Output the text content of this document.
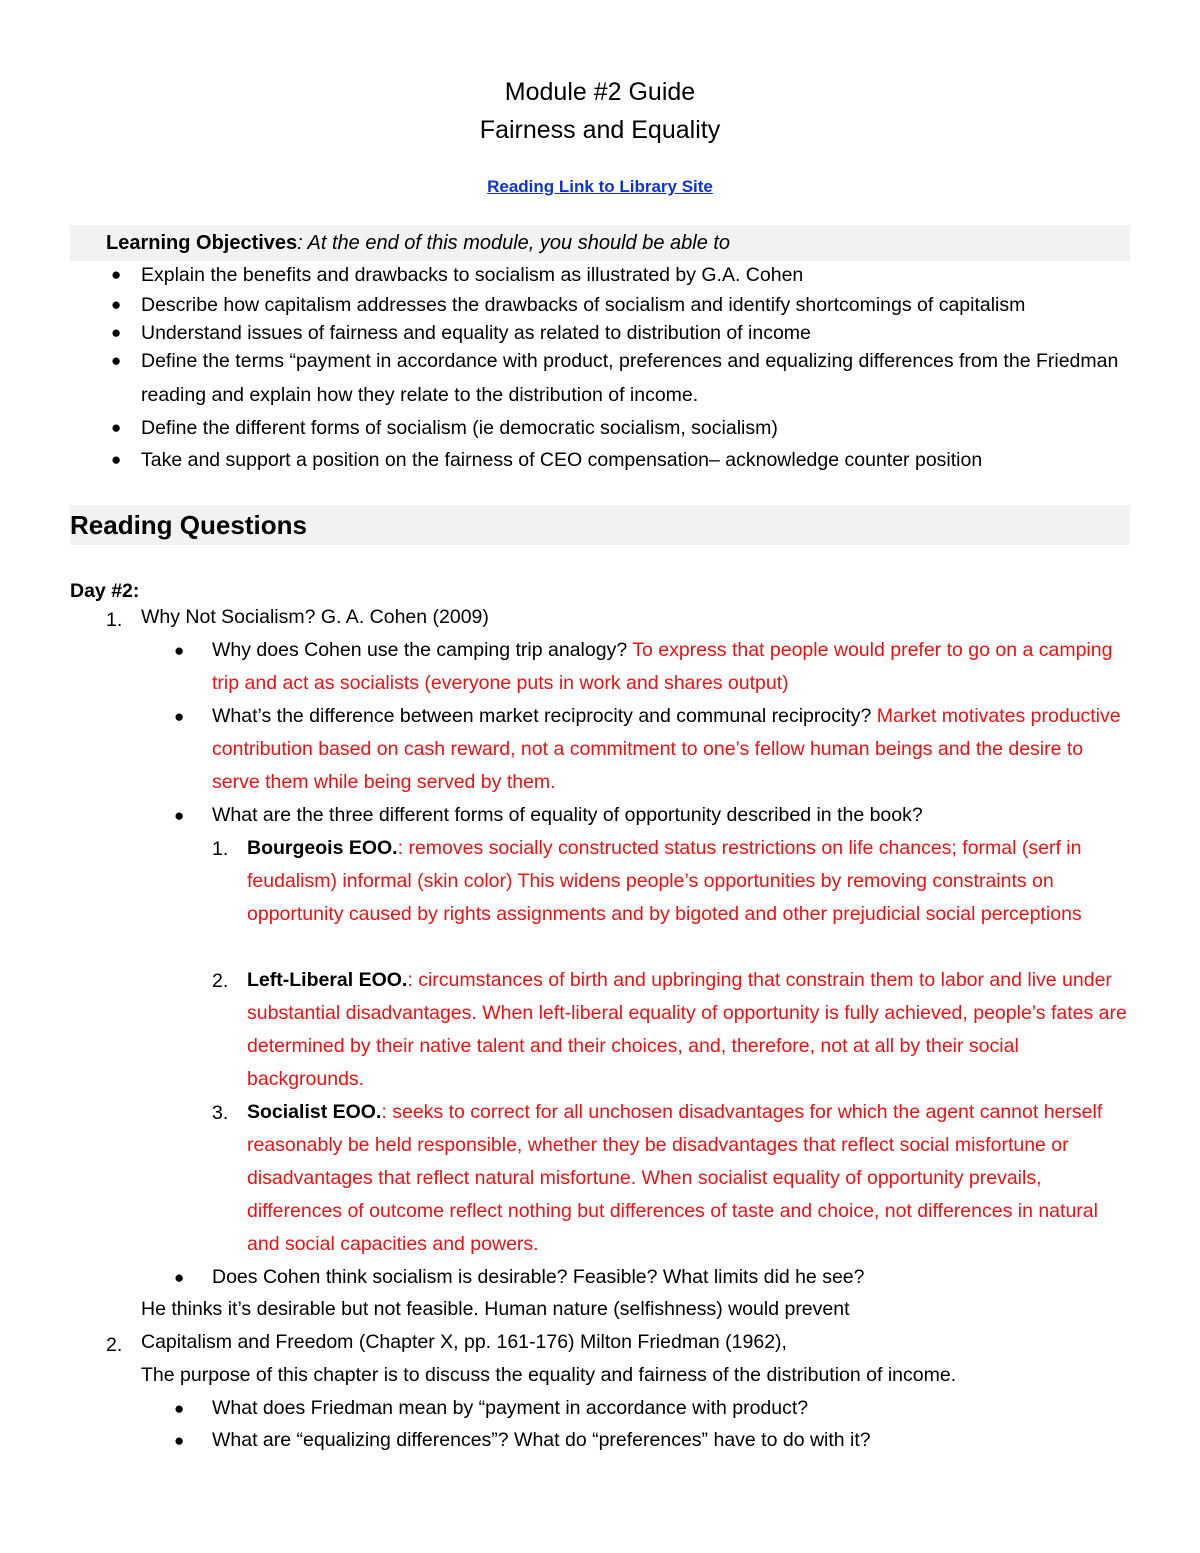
Module #2 Guide
Fairness and Equality
Reading Link to Library Site
Learning Objectives: At the end of this module, you should be able to
● Explain the benefits and drawbacks to socialism as illustrated by G.A. Cohen
● Describe how capitalism addresses the drawbacks of socialism and identify shortcomings of capitalism
● Understand issues of fairness and equality as related to distribution of income
● Define the terms “payment in accordance with product, preferences and equalizing differences from the Friedman reading and explain how they relate to the distribution of income.
● Define the different forms of socialism (ie democratic socialism, socialism)
● Take and support a position on the fairness of CEO compensation– acknowledge counter position
Reading Questions
Day #2:
1. Why Not Socialism? G. A. Cohen (2009)
● Why does Cohen use the camping trip analogy? To express that people would prefer to go on a camping trip and act as socialists (everyone puts in work and shares output)
● What’s the difference between market reciprocity and communal reciprocity? Market motivates productive contribution based on cash reward, not a commitment to one’s fellow human beings and the desire to serve them while being served by them.
● What are the three different forms of equality of opportunity described in the book?
1. Bourgeois EOO.: removes socially constructed status restrictions on life chances; formal (serf in feudalism) informal (skin color) This widens people’s opportunities by removing constraints on opportunity caused by rights assignments and by bigoted and other prejudicial social perceptions
2. Left-Liberal EOO.: circumstances of birth and upbringing that constrain them to labor and live under substantial disadvantages. When left-liberal equality of opportunity is fully achieved, people’s fates are determined by their native talent and their choices, and, therefore, not at all by their social backgrounds.
3. Socialist EOO.: seeks to correct for all unchosen disadvantages for which the agent cannot herself reasonably be held responsible, whether they be disadvantages that reflect social misfortune or disadvantages that reflect natural misfortune. When socialist equality of opportunity prevails, differences of outcome reflect nothing but differences of taste and choice, not differences in natural and social capacities and powers.
● Does Cohen think socialism is desirable? Feasible? What limits did he see?
He thinks it’s desirable but not feasible. Human nature (selfishness) would prevent
2. Capitalism and Freedom (Chapter X, pp. 161-176) Milton Friedman (1962),
The purpose of this chapter is to discuss the equality and fairness of the distribution of income.
● What does Friedman mean by “payment in accordance with product?
● What are “equalizing differences”? What do “preferences” have to do with it?
